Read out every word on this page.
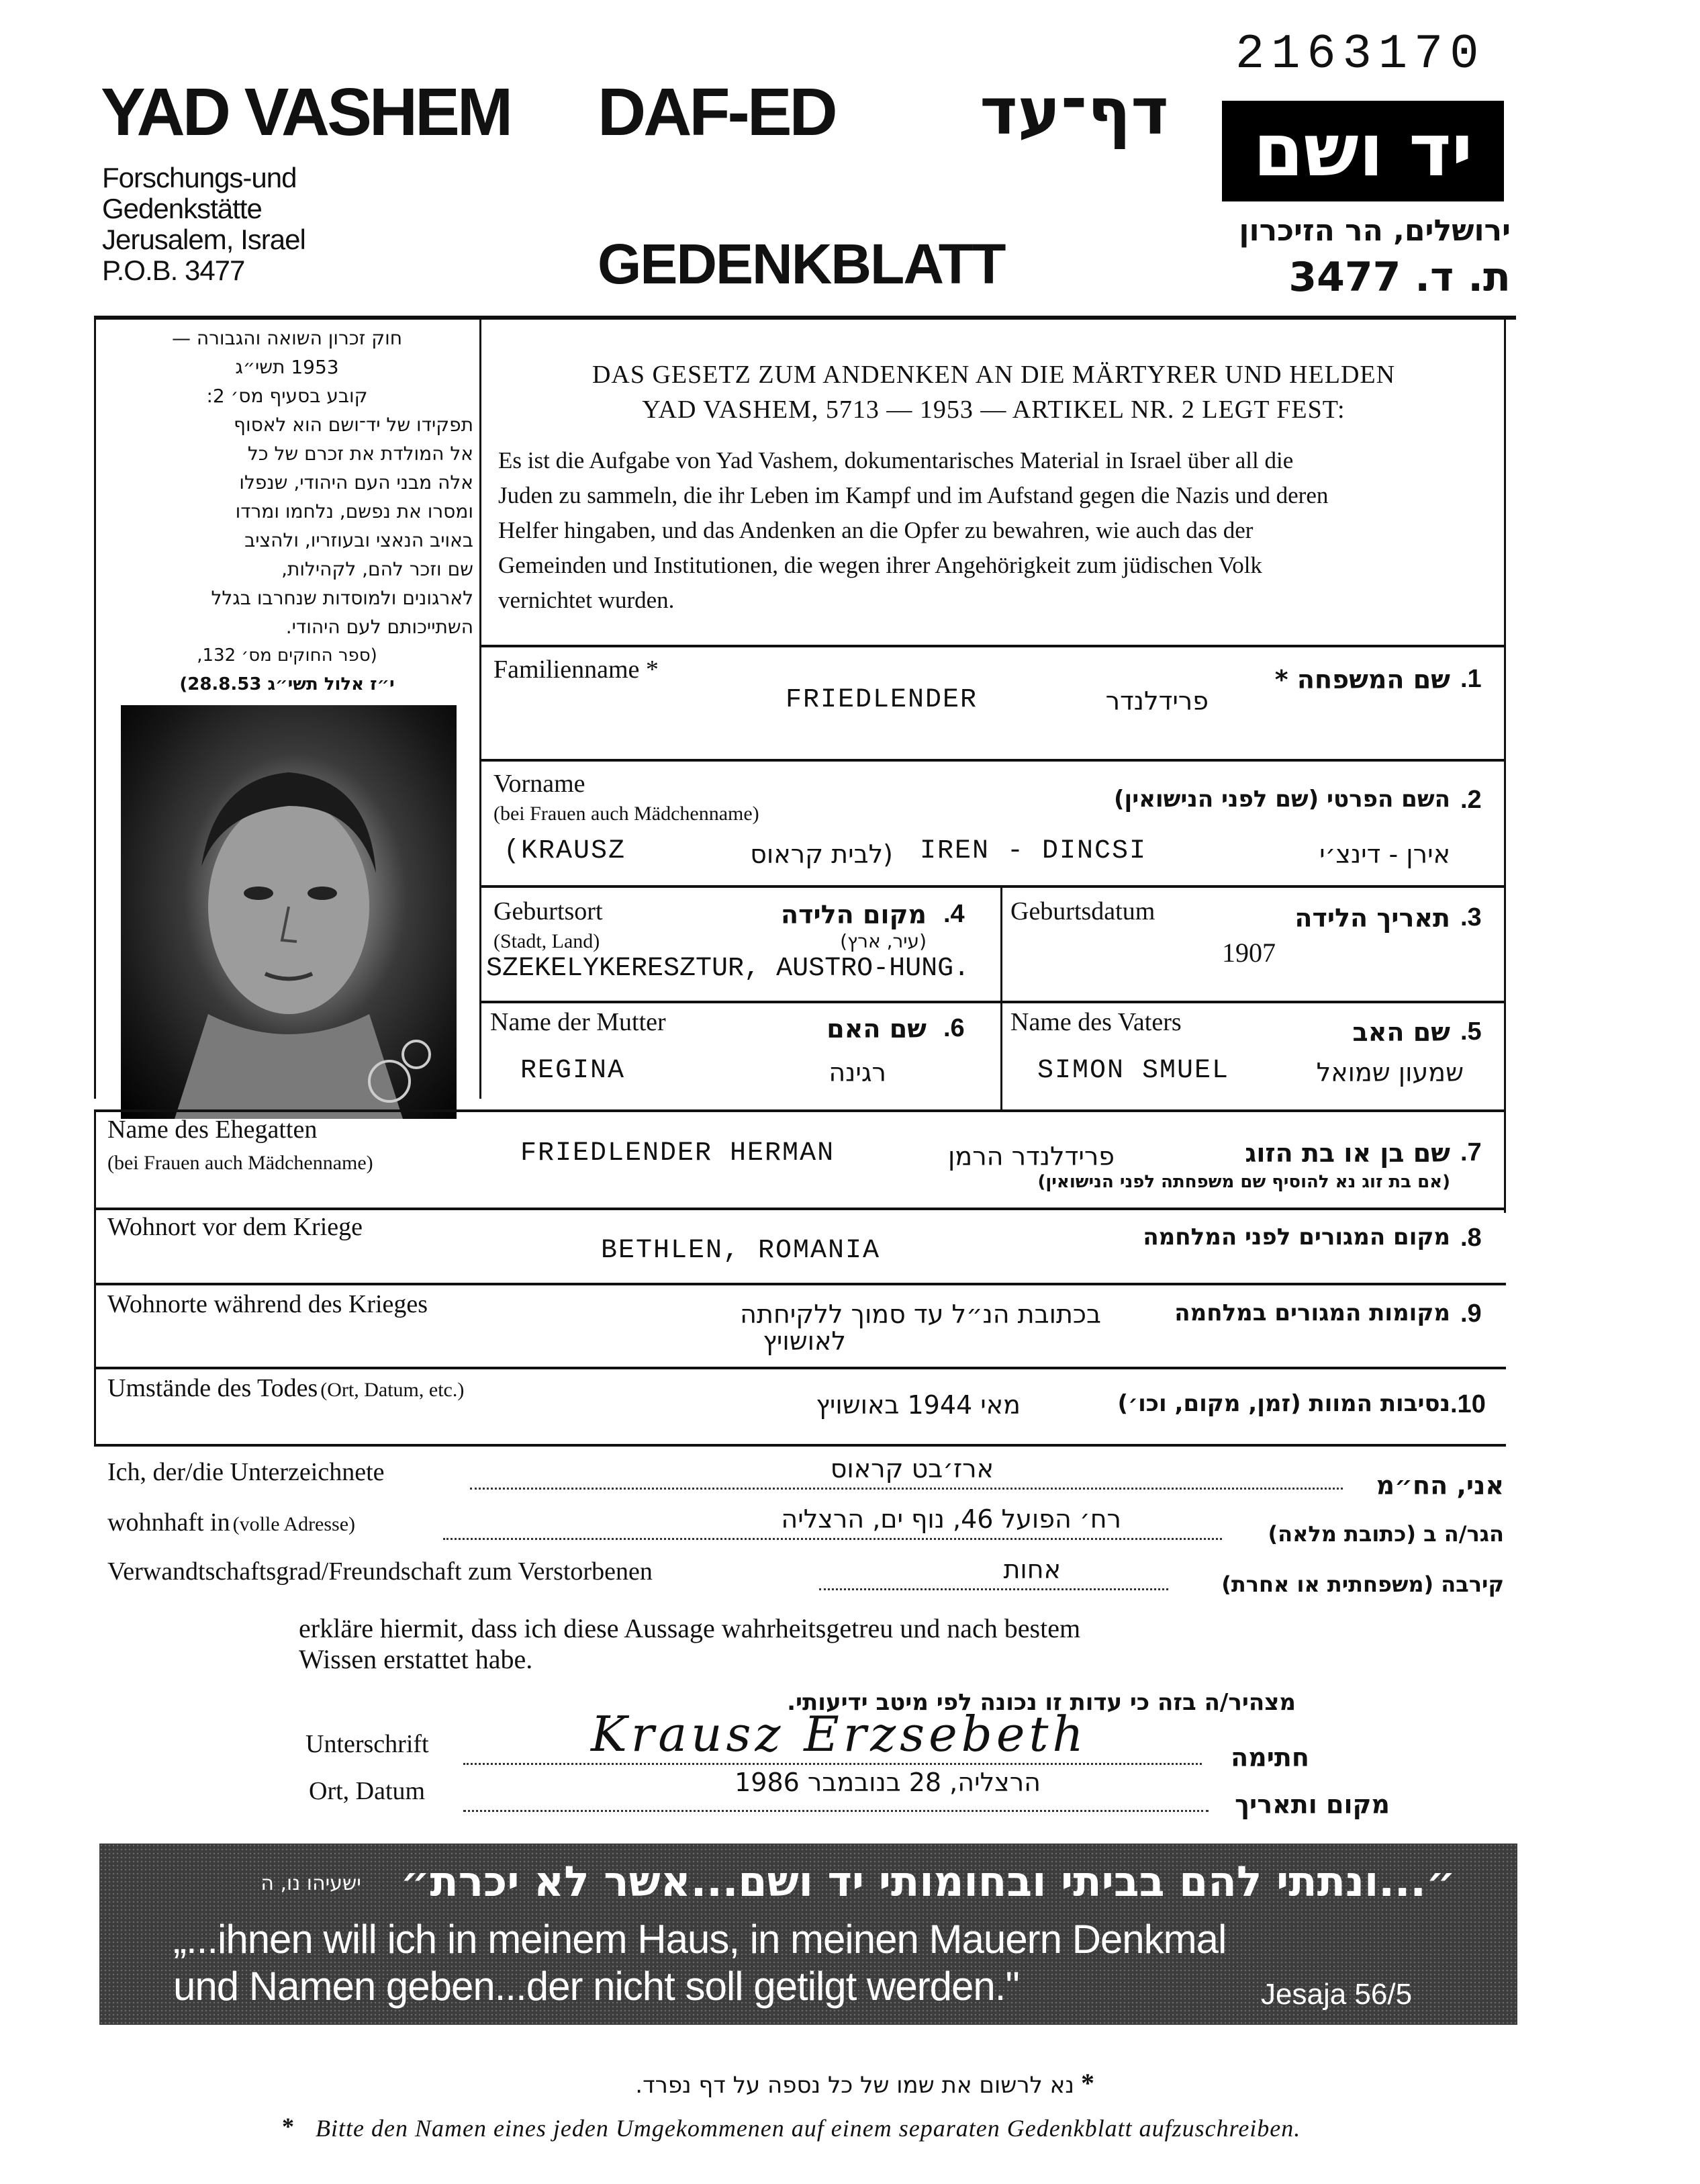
2163170
YAD VASHEM DAF-ED	דף־עד	יד ושם
Forschungs-und
Gedenkstätte
Jerusalem, Israel
P.O.B. 3477	GEDENKBLATT
ירושלים, הר הזיכרון
ת. ד. 3477
חוק זכרון השואה והגבורה —
1953 תשי״ג
קובע בסעיף מס׳ 2:
תפקידו של יד־ושם הוא לאסוף
אל המולדת את זכרם של כל
אלה מבני העם היהודי, שנפלו
ומסרו את נפשם, נלחמו ומרדו
באויב הנאצי ובעוזריו, ולהציב
שם וזכר להם, לקהילות,
לארגונים ולמוסדות שנחרבו בגלל
השתייכותם לעם היהודי.
(ספר החוקים מס׳ 132,
י״ז אלול תשי״ג 28.8.53)
DAS GESETZ ZUM ANDENKEN AN DIE MÄRTYRER UND HELDEN
YAD VASHEM, 5713 — 1953 — ARTIKEL NR. 2 LEGT FEST:
Es ist die Aufgabe von Yad Vashem, dokumentarisches Material in Israel über all die
Juden zu sammeln, die ihr Leben im Kampf und im Aufstand gegen die Nazis und deren
Helfer hingaben, und das Andenken an die Opfer zu bewahren, wie auch das der
Gemeinden und Institutionen, die wegen ihrer Angehörigkeit zum jüdischen Volk
vernichtet wurden.
Familienname *	שם המשפחה * .1
FRIEDLENDER	פרידלנדר
Vorname
(bei Frauen auch Mädchenname)
השם הפרטי (שם לפני הנישואין) .2
(KRAUSZ	(לבית קראוס IREN - DINCSI	אירן - דינצ׳י
Geburtsort
(Stadt, Land)
מקום הלידה
(עיר, ארץ)
.4
SZEKELYKERESZTUR, AUSTRO-HUNG.
Geburtsdatum	תאריך הלידה .3
1907
Name der Mutter	שם האם .6
REGINA	רגינה
Name des Vaters	שם האב .5
SIMON SMUEL	שמעון שמואל
Name des Ehegatten
(bei Frauen auch Mädchenname)	FRIEDLENDER HERMAN	פרידלנדר הרמן	שם בן או בת הזוג .7
(אם בת זוג נא להוסיף שם משפחתה לפני הנישואין)
Wohnort vor dem Kriege
BETHLEN, ROMANIA	מקום המגורים לפני המלחמה .8
Wohnorte während des Krieges
לאושויץ
בכתובת הנ״ל עד סמוך ללקיחתה	מקומות המגורים במלחמה .9
Umstände des Todes (Ort, Datum, etc.)
מאי 1944 באושויץ	נסיבות המוות (זמן, מקום, וכו׳) .10
Ich, der/die Unterzeichnete	ארז׳בט קראוס
אני, הח״מ
wohnhaft in (volle Adresse)	רח׳ הפועל 46, נוף ים, הרצליה	הגר/ה ב (כתובת מלאה)
Verwandtschaftsgrad/Freundschaft zum Verstorbenen	אחות	קירבה (משפחתית או אחרת)
erkläre hiermit, dass ich diese Aussage wahrheitsgetreu und nach bestem
Wissen erstattet habe.
מצהיר/ה בזה כי עדות זו נכונה לפי מיטב ידיעותי.
Unterschrift	Krausz Erzsebeth	חתימה
Ort, Datum	הרצליה, 28 בנובמבר 1986
מקום ותאריך
״...ונתתי להם בביתי ובחומותי יד ושם...אשר לא יכרת״
ישעיהו נו, ה
„...ihnen will ich in meinem Haus, in meinen Mauern Denkmal
und Namen geben...der nicht soll getilgt werden."	Jesaja 56/5
נא לרשום את שמו של כל נספה על דף נפרד. *
* Bitte den Namen eines jeden Umgekommenen auf einem separaten Gedenkblatt aufzuschreiben.
